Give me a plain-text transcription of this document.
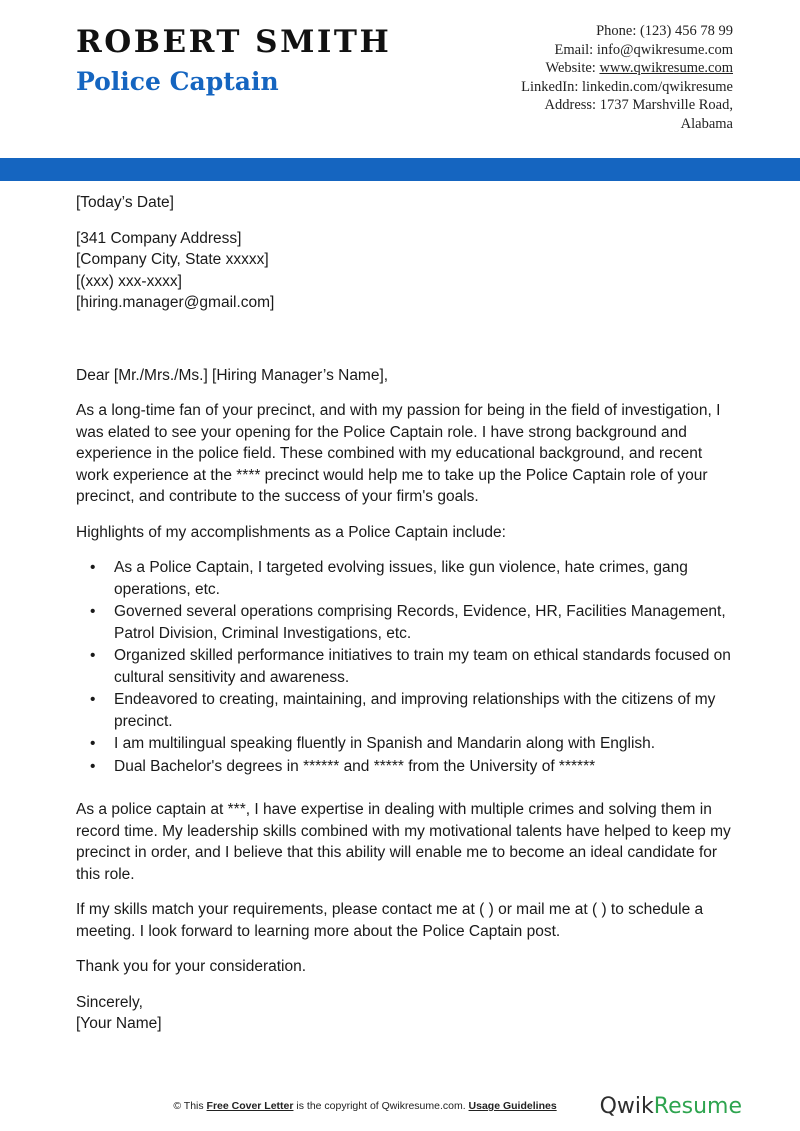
ROBERT SMITH
Police Captain
Phone: (123) 456 78 99
Email: info@qwikresume.com
Website: www.qwikresume.com
LinkedIn: linkedin.com/qwikresume
Address: 1737 Marshville Road,
Alabama

[Today’s Date]

[341 Company Address]

[Company City, State xxxxx]

[(xxx) xxx-xxxx]

[hiring.manager@gmail.com]

Dear [Mr./Mrs./Ms.] [Hiring Manager’s Name],

As a long-time fan of your precinct, and with my passion for being in the field of investigation, I was elated to see your opening for the Police Captain role. I have strong background and experience in the police field. These combined with my educational background, and recent work experience at the **** precinct would help me to take up the Police Captain role of your precinct, and contribute to the success of your firm's goals.

Highlights of my accomplishments as a Police Captain include:

• As a Police Captain, I targeted evolving issues, like gun violence, hate crimes, gang operations, etc.
• Governed several operations comprising Records, Evidence, HR, Facilities Management, Patrol Division, Criminal Investigations, etc.
• Organized skilled performance initiatives to train my team on ethical standards focused on cultural sensitivity and awareness.
• Endeavored to creating, maintaining, and improving relationships with the citizens of my precinct.
• I am multilingual speaking fluently in Spanish and Mandarin along with English.
• Dual Bachelor's degrees in ****** and ***** from the University of ******

As a police captain at ***, I have expertise in dealing with multiple crimes and solving them in record time. My leadership skills combined with my motivational talents have helped to keep my precinct in order, and I believe that this ability will enable me to become an ideal candidate for this role.

If my skills match your requirements, please contact me at ( ) or mail me at ( ) to schedule a meeting. I look forward to learning more about the Police Captain post.

Thank you for your consideration.

Sincerely,

[Your Name]

© This Free Cover Letter is the copyright of Qwikresume.com. Usage Guidelines	QwikResume
